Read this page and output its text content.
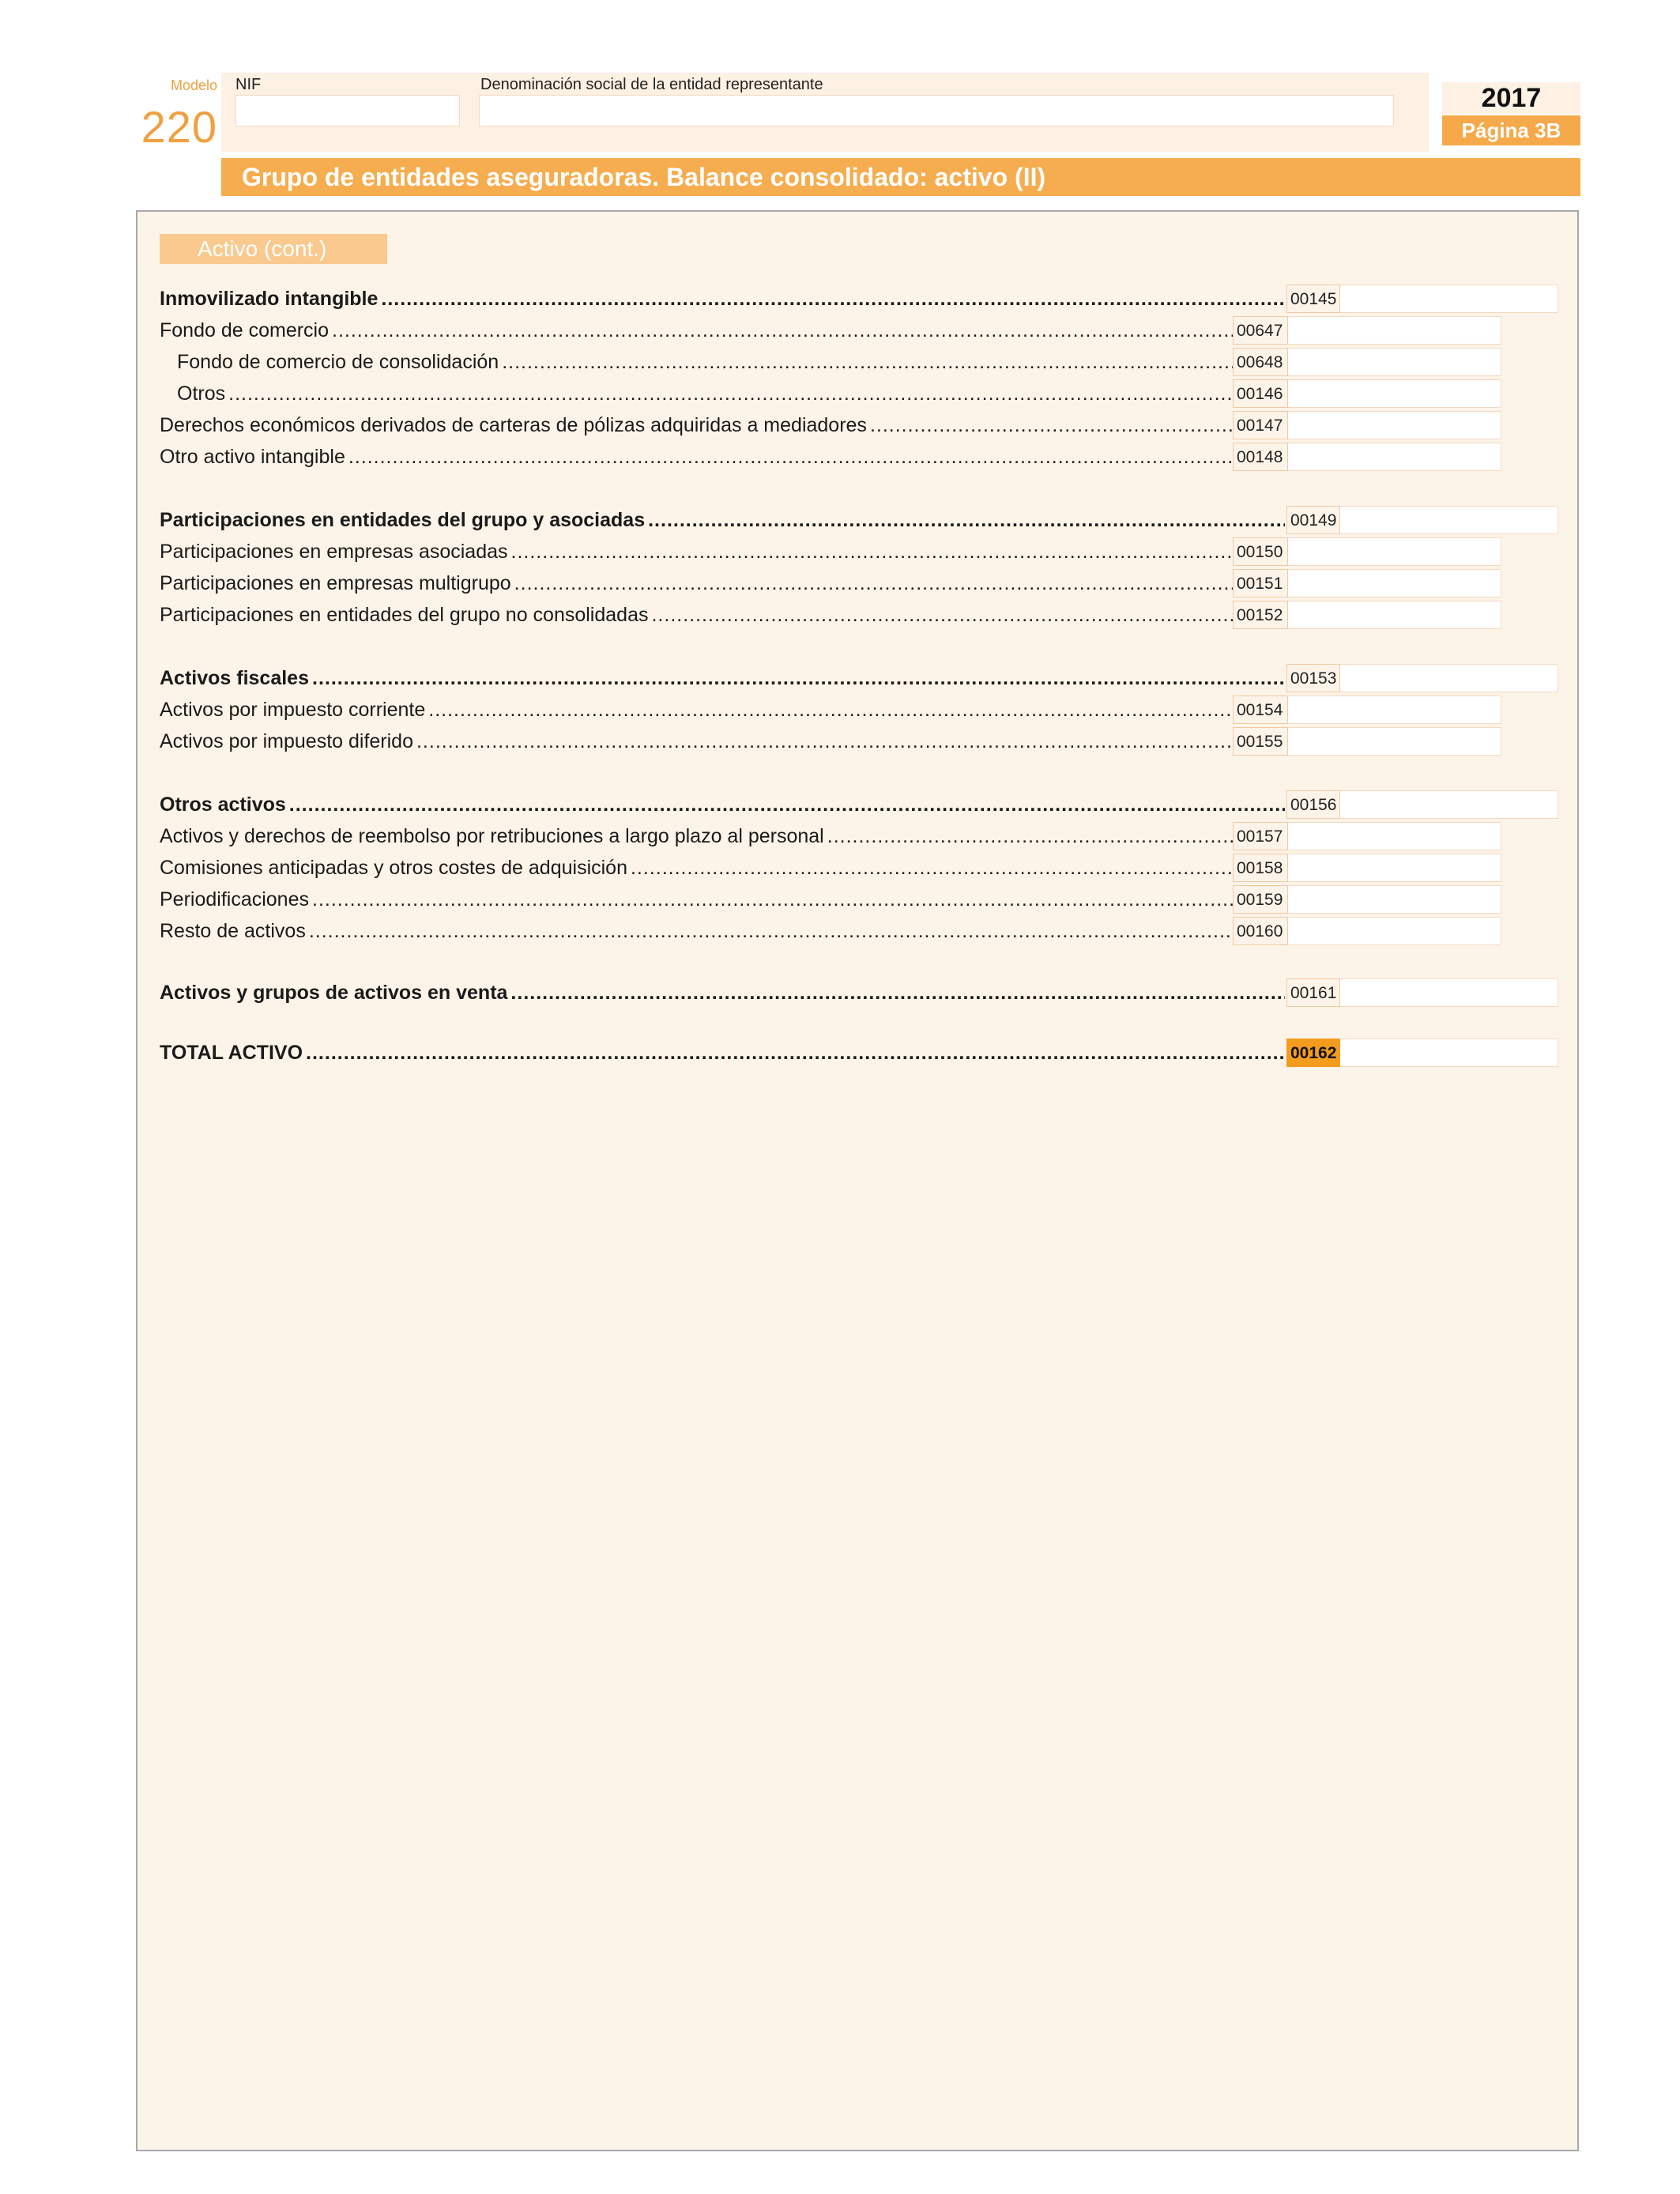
Modelo
220
NIF	Denominación social de la entidad representante	2017
Página 3B
Grupo de entidades aseguradoras. Balance consolidado: activo (II)
Activo (cont.)
Inmovilizado intangible .....	00145
Fondo de comercio .....	00647
Fondo de comercio de consolidación .....	00648
Otros .....	00146
Derechos económicos derivados de carteras de pólizas adquiridas a mediadores .....	00147
Otro activo intangible .....	00148
Participaciones en entidades del grupo y asociadas .....	00149
Participaciones en empresas asociadas .....	00150
Participaciones en empresas multigrupo .....	00151
Participaciones en entidades del grupo no consolidadas .....	00152
Activos fiscales .....	00153
Activos por impuesto corriente .....	00154
Activos por impuesto diferido .....	00155
Otros activos .....	00156
Activos y derechos de reembolso por retribuciones a largo plazo al personal .....	00157
Comisiones anticipadas y otros costes de adquisición .....	00158
Periodificaciones .....	00159
Resto de activos .....	00160
Activos y grupos de activos en venta .....	00161
TOTAL ACTIVO .....	00162
